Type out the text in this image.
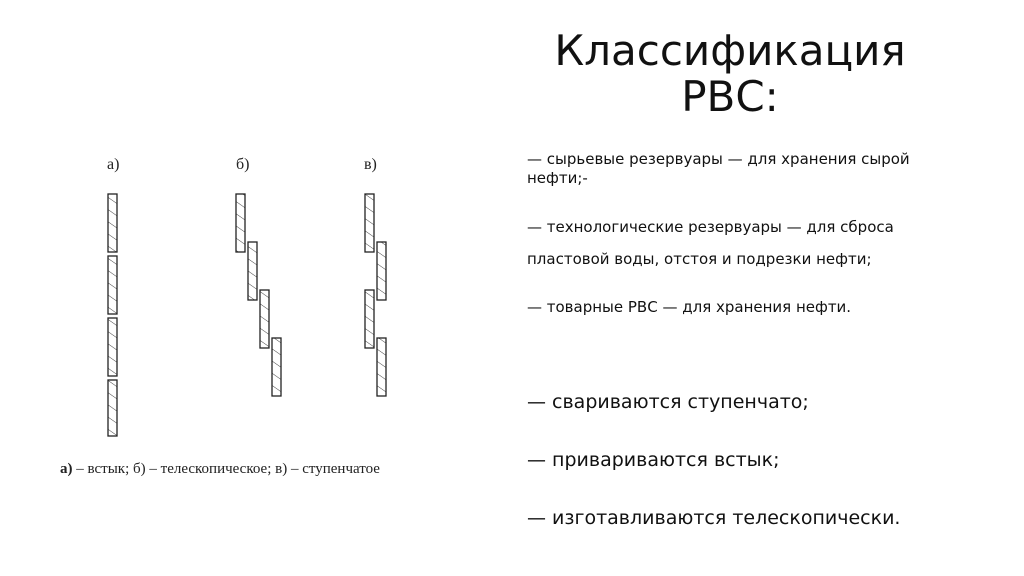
Классификация РВС:
а)	б)	в)
а) – встык; б) – телескопическое; в) – ступенчатое
— сырьевые резервуары — для хранения сырой нефти;-
— технологические резервуары — для сброса
пластовой воды, отстоя и подрезки нефти;
— товарные РВС — для хранения нефти.
— свариваются ступенчато;
— привариваются встык;
— изготавливаются телескопически.
